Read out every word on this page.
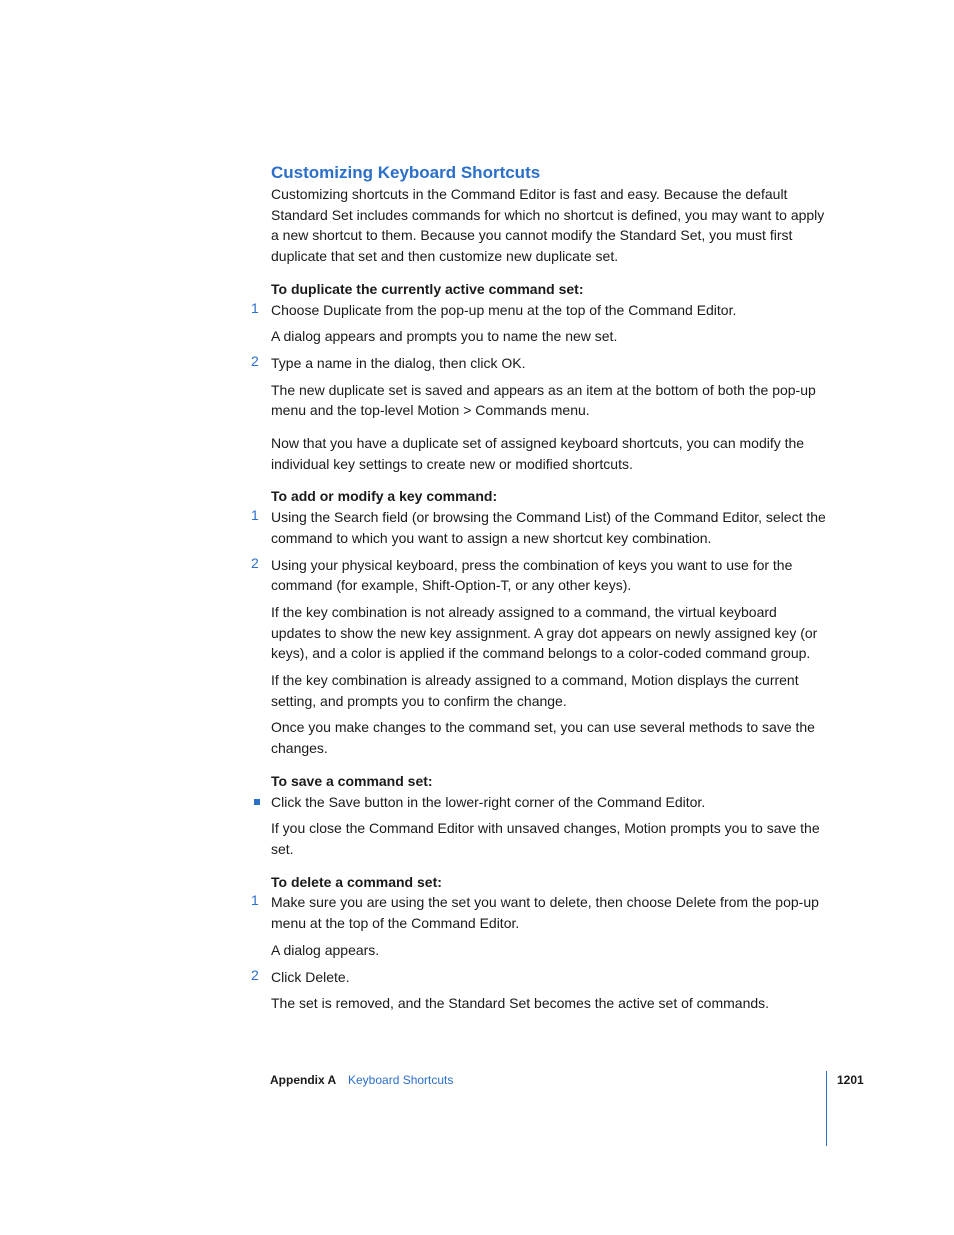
Customizing Keyboard Shortcuts

Customizing shortcuts in the Command Editor is fast and easy. Because the default Standard Set includes commands for which no shortcut is defined, you may want to apply a new shortcut to them. Because you cannot modify the Standard Set, you must first duplicate that set and then customize new duplicate set.

To duplicate the currently active command set:

1 Choose Duplicate from the pop-up menu at the top of the Command Editor.

A dialog appears and prompts you to name the new set.

2 Type a name in the dialog, then click OK.

The new duplicate set is saved and appears as an item at the bottom of both the pop-up menu and the top-level Motion > Commands menu.

Now that you have a duplicate set of assigned keyboard shortcuts, you can modify the individual key settings to create new or modified shortcuts.

To add or modify a key command:

1 Using the Search field (or browsing the Command List) of the Command Editor, select the command to which you want to assign a new shortcut key combination.

2 Using your physical keyboard, press the combination of keys you want to use for the command (for example, Shift-Option-T, or any other keys).

If the key combination is not already assigned to a command, the virtual keyboard updates to show the new key assignment. A gray dot appears on newly assigned key (or keys), and a color is applied if the command belongs to a color-coded command group.

If the key combination is already assigned to a command, Motion displays the current setting, and prompts you to confirm the change.

Once you make changes to the command set, you can use several methods to save the changes.

To save a command set:

Click the Save button in the lower-right corner of the Command Editor.

If you close the Command Editor with unsaved changes, Motion prompts you to save the set.

To delete a command set:

1 Make sure you are using the set you want to delete, then choose Delete from the pop-up menu at the top of the Command Editor.

A dialog appears.

2 Click Delete.

The set is removed, and the Standard Set becomes the active set of commands.

Appendix A Keyboard Shortcuts	1201
